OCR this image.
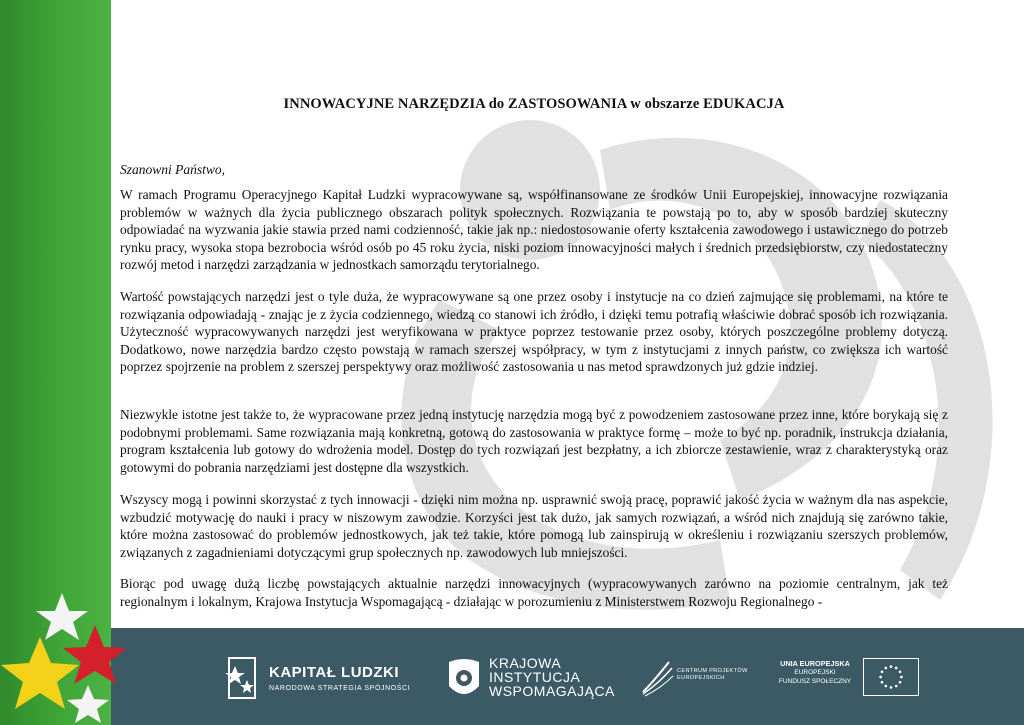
INNOWACYJNE NARZĘDZIA do ZASTOSOWANIA w obszarze EDUKACJA
Szanowni Państwo,

W ramach Programu Operacyjnego Kapitał Ludzki wypracowywane są, współfinansowane ze środków Unii Europejskiej, innowacyjne rozwiązania problemów w ważnych dla życia publicznego obszarach polityk społecznych. Rozwiązania te powstają po to, aby w sposób bardziej skuteczny odpowiadać na wyzwania jakie stawia przed nami codzienność, takie jak np.: niedostosowanie oferty kształcenia zawodowego i ustawicznego do potrzeb rynku pracy, wysoka stopa bezrobocia wśród osób po 45 roku życia, niski poziom innowacyjności małych i średnich przedsiębiorstw, czy niedostateczny rozwój metod i narzędzi zarządzania w jednostkach samorządu terytorialnego.

Wartość powstających narzędzi jest o tyle duża, że wypracowywane są one przez osoby i instytucje na co dzień zajmujące się problemami, na które te rozwiązania odpowiadają - znając je z życia codziennego, wiedzą co stanowi ich źródło, i dzięki temu potrafią właściwie dobrać sposób ich rozwiązania. Użyteczność wypracowywanych narzędzi jest weryfikowana w praktyce poprzez testowanie przez osoby, których poszczególne problemy dotyczą. Dodatkowo, nowe narzędzia bardzo często powstają w ramach szerszej współpracy, w tym z instytucjami z innych państw, co zwiększa ich wartość poprzez spojrzenie na problem z szerszej perspektywy oraz możliwość zastosowania u nas metod sprawdzonych już gdzie indziej.

Niezwykle istotne jest także to, że wypracowane przez jedną instytucję narzędzia mogą być z powodzeniem zastosowane przez inne, które borykają się z podobnymi problemami. Same rozwiązania mają konkretną, gotową do zastosowania w praktyce formę – może to być np. poradnik, instrukcja działania, program kształcenia lub gotowy do wdrożenia model. Dostęp do tych rozwiązań jest bezpłatny, a ich zbiorcze zestawienie, wraz z charakterystyką oraz gotowymi do pobrania narzędziami jest dostępne dla wszystkich.

Wszyscy mogą i powinni skorzystać z tych innowacji - dzięki nim można np. usprawnić swoją pracę, poprawić jakość życia w ważnym dla nas aspekcie, wzbudzić motywację do nauki i pracy w niszowym zawodzie. Korzyści jest tak dużo, jak samych rozwiązań, a wśród nich znajdują się zarówno takie, które można zastosować do problemów jednostkowych, jak też takie, które pomogą lub zainspirują w określeniu i rozwiązaniu szerszych problemów, związanych z zagadnieniami dotyczącymi grup społecznych np. zawodowych lub mniejszości.

Biorąc pod uwagę dużą liczbę powstających aktualnie narzędzi innowacyjnych (wypracowywanych zarówno na poziomie centralnym, jak też regionalnym i lokalnym, Krajowa Instytucja Wspomagającą - działając w porozumieniu z Ministerstwem Rozwoju Regionalnego -

KAPITAŁ LUDZKI
NARODOWA STRATEGIA SPÓJNOŚCI
KRAJOWA
INSTYTUCJA
WSPOMAGAJĄCA
CENTRUM PROJEKTÓW
EUROPEJSKICH
UNIA EUROPEJSKA
EUROPEJSKI
FUNDUSZ SPOŁECZNY
